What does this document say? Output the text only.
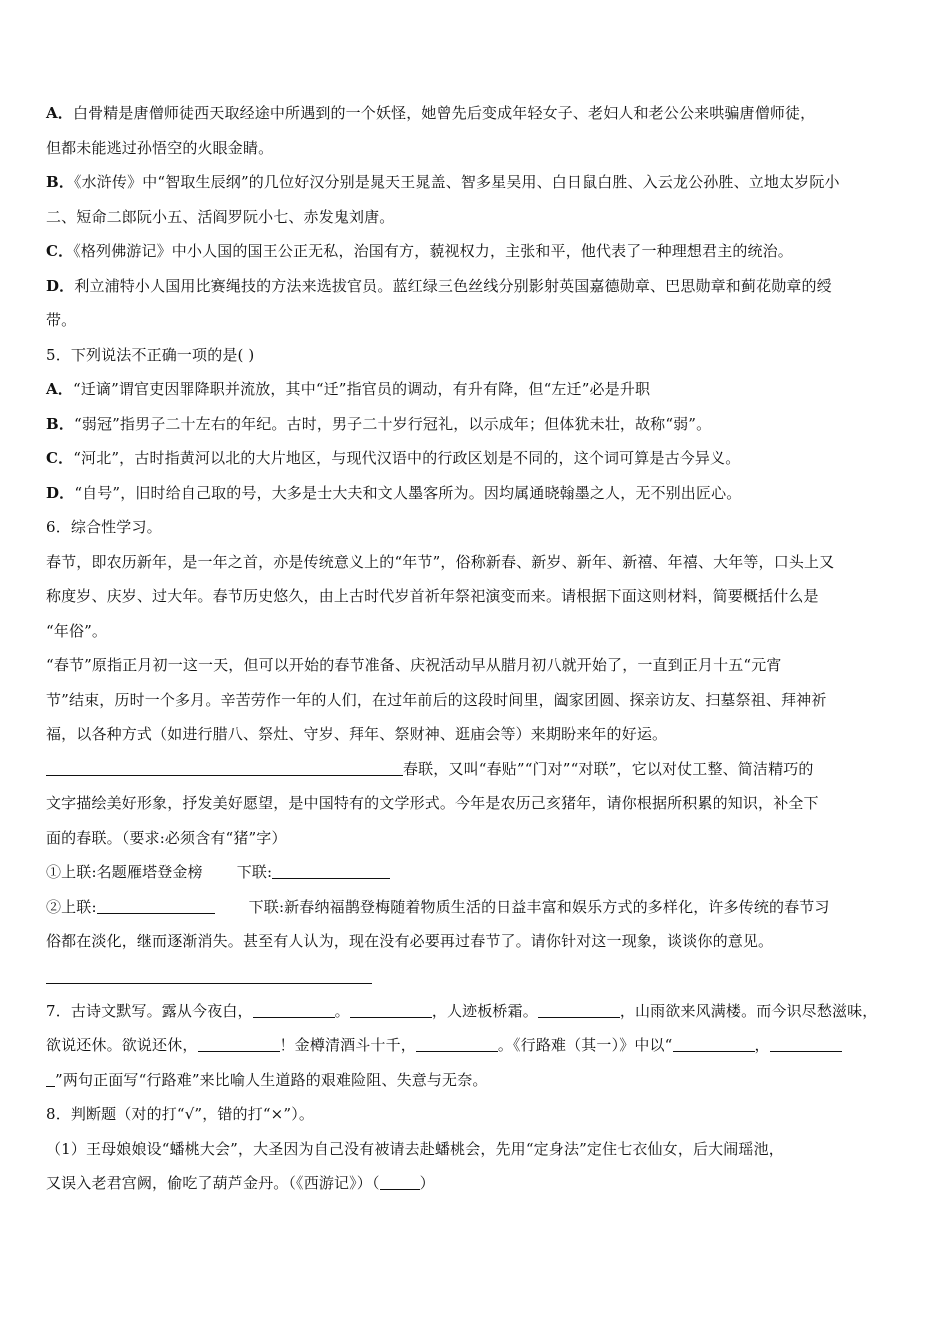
A．白骨精是唐僧师徒西天取经途中所遇到的一个妖怪，她曾先后变成年轻女子、老妇人和老公公来哄骗唐僧师徒，
但都未能逃过孙悟空的火眼金睛。
B．《水浒传》中“智取生辰纲”的几位好汉分别是晁天王晁盖、智多星吴用、白日鼠白胜、入云龙公孙胜、立地太岁阮小
二、短命二郎阮小五、活阎罗阮小七、赤发鬼刘唐。
C．《格列佛游记》中小人国的国王公正无私，治国有方，藐视权力，主张和平，他代表了一种理想君主的统治。
D．利立浦特小人国用比赛绳技的方法来选拔官员。蓝红绿三色丝线分别影射英国嘉德勋章、巴思勋章和蓟花勋章的绶
带。
5．下列说法不正确一项的是( )
A．“迁谪”谓官吏因罪降职并流放，其中“迁”指官员的调动，有升有降，但“左迁”必是升职
B．“弱冠”指男子二十左右的年纪。古时，男子二十岁行冠礼，以示成年；但体犹未壮，故称“弱”。
C．“河北”，古时指黄河以北的大片地区，与现代汉语中的行政区划是不同的，这个词可算是古今异义。
D．“自号”，旧时给自己取的号，大多是士大夫和文人墨客所为。因均属通晓翰墨之人，无不别出匠心。
6．综合性学习。
春节，即农历新年，是一年之首，亦是传统意义上的“年节”，俗称新春、新岁、新年、新禧、年禧、大年等，口头上又
称度岁、庆岁、过大年。春节历史悠久，由上古时代岁首祈年祭祀演变而来。请根据下面这则材料，简要概括什么是
“年俗”。
“春节”原指正月初一这一天，但可以开始的春节准备、庆祝活动早从腊月初八就开始了，一直到正月十五“元宵
节”结束，历时一个多月。辛苦劳作一年的人们，在过年前后的这段时间里，阖家团圆、探亲访友、扫墓祭祖、拜神祈
福，以各种方式（如进行腊八、祭灶、守岁、拜年、祭财神、逛庙会等）来期盼来年的好运。
春联，又叫“春贴”“门对”“对联”，它以对仗工整、简洁精巧的
文字描绘美好形象，抒发美好愿望，是中国特有的文学形式。今年是农历己亥猪年，请你根据所积累的知识，补全下
面的春联。（要求:必须含有“猪”字）
①上联:名题雁塔登金榜 下联:
②上联:	下联:新春纳福鹊登梅随着物质生活的日益丰富和娱乐方式的多样化，许多传统的春节习
俗都在淡化，继而逐渐消失。甚至有人认为，现在没有必要再过春节了。请你针对这一现象，谈谈你的意见。
7．古诗文默写。露从今夜白，	。	，人迹板桥霜。	，山雨欲来风满楼。而今识尽愁滋味，
欲说还休。欲说还休，	！金樽清酒斗十千，	。《行路难（其一）》中以“	，
”两句正面写“行路难”来比喻人生道路的艰难险阻、失意与无奈。
8．判断题（对的打“√”，错的打“×”）。
（1）王母娘娘设“蟠桃大会”，大圣因为自己没有被请去赴蟠桃会，先用“定身法”定住七衣仙女，后大闹瑶池，
又误入老君宫阙，偷吃了葫芦金丹。（《西游记》）（	）
